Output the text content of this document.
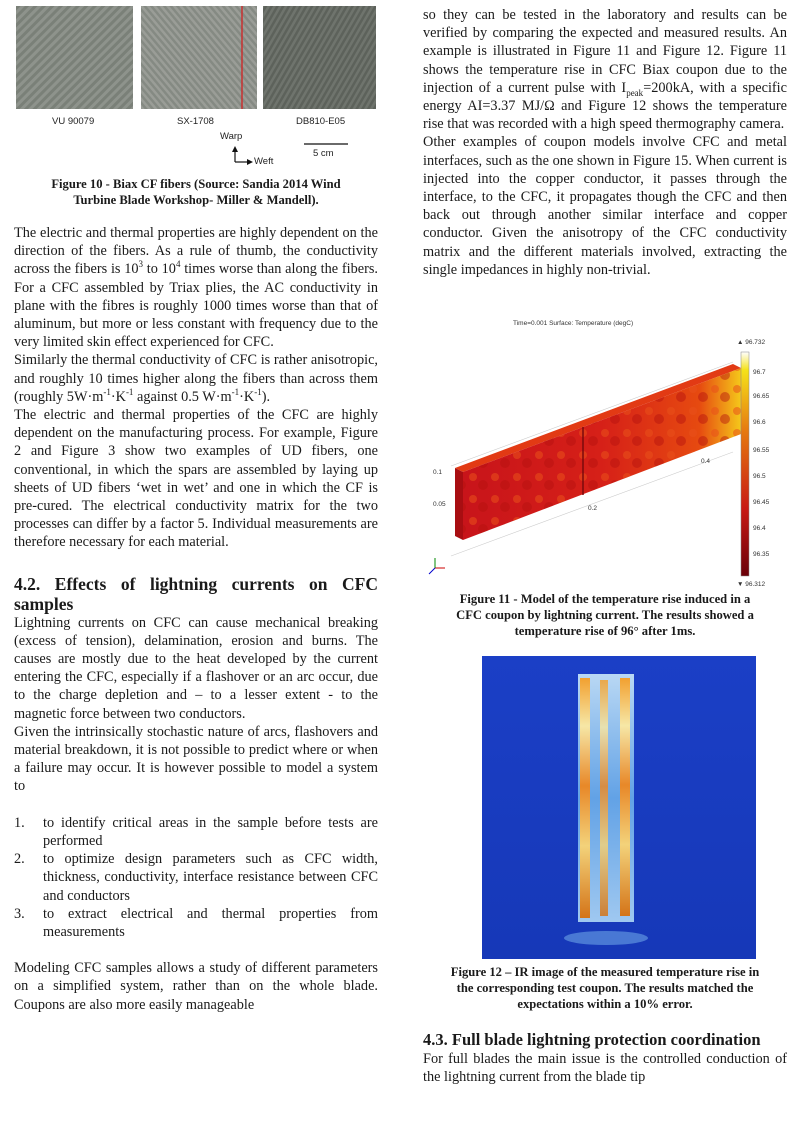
VU 90079	SX-1708	DB810-E05
Warp
Weft
5 cm
Figure 10 - Biax CF fibers (Source: Sandia 2014 Wind
Turbine Blade Workshop- Miller & Mandell).

The electric and thermal properties are highly dependent on the direction of the fibers. As a rule of thumb, the conductivity across the fibers is $10^3$ to $10^4$ times worse than along the fibers. For a CFC assembled by Triax plies, the AC conductivity in plane with the fibres is roughly 1000 times worse than that of aluminum, but more or less constant with frequency due to the very limited skin effect experienced for CFC.

Similarly the thermal conductivity of CFC is rather anisotropic, and roughly 10 times higher along the fibers than across them (roughly $5W\cdot m^{-1}\cdot K^{-1}$ against 0.5 $W\cdot m^{-1}\cdot K^{-1}$).

The electric and thermal properties of the CFC are highly dependent on the manufacturing process. For example, Figure 2 and Figure 3 show two examples of UD fibers, one conventional, in which the spars are assembled by laying up sheets of UD fibers ‘wet in wet’ and one in which the CF is pre-cured. The electrical conductivity matrix for the two processes can differ by a factor 5. Individual measurements are therefore necessary for each material.

4.2. Effects of lightning currents on CFC samples

Lightning currents on CFC can cause mechanical breaking (excess of tension), delamination, erosion and burns. The causes are mostly due to the heat developed by the current entering the CFC, especially if a flashover or an arc occur, due to the charge depletion and – to a lesser extent - to the magnetic force between two conductors.

Given the intrinsically stochastic nature of arcs, flashovers and material breakdown, it is not possible to predict where or when a failure may occur. It is however possible to model a system to

1. to identify critical areas in the sample before tests are performed
2. to optimize design parameters such as CFC width, thickness, conductivity, interface resistance between CFC and conductors
3. to extract electrical and thermal properties from measurements

Modeling CFC samples allows a study of different parameters on a simplified system, rather than on the whole blade. Coupons are also more easily manageable

so they can be tested in the laboratory and results can be verified by comparing the expected and measured results. An example is illustrated in Figure 11 and Figure 12. Figure 11 shows the temperature rise in CFC Biax coupon due to the injection of a current pulse with $I_{peak}=200kA$, with a specific energy AI=3.37 MJ/Ω and Figure 12 shows the temperature rise that was recorded with a high speed thermography camera.

Other examples of coupon models involve CFC and metal interfaces, such as the one shown in Figure 15. When current is injected into the copper conductor, it passes through the interface, to the CFC, it propagates though the CFC and then back out through another similar interface and copper conductor. Given the anisotropy of the CFC conductivity matrix and the different materials involved, extracting the single impedances in highly non-trivial.

Time=0.001 Surface: Temperature (degC)
0.1
0.05
0.2
0.4
▲ 96.732
▼ 96.312
96.7
96.65
96.6
96.55
96.5
96.45
96.4
96.35
Figure 11 - Model of the temperature rise induced in a
CFC coupon by lightning current. The results showed a
temperature rise of 96° after 1ms.
Figure 12 – IR image of the measured temperature rise in
the corresponding test coupon. The results matched the
expectations within a 10% error.
4.3. Full blade lightning protection coordination

For full blades the main issue is the controlled conduction of the lightning current from the blade tip
